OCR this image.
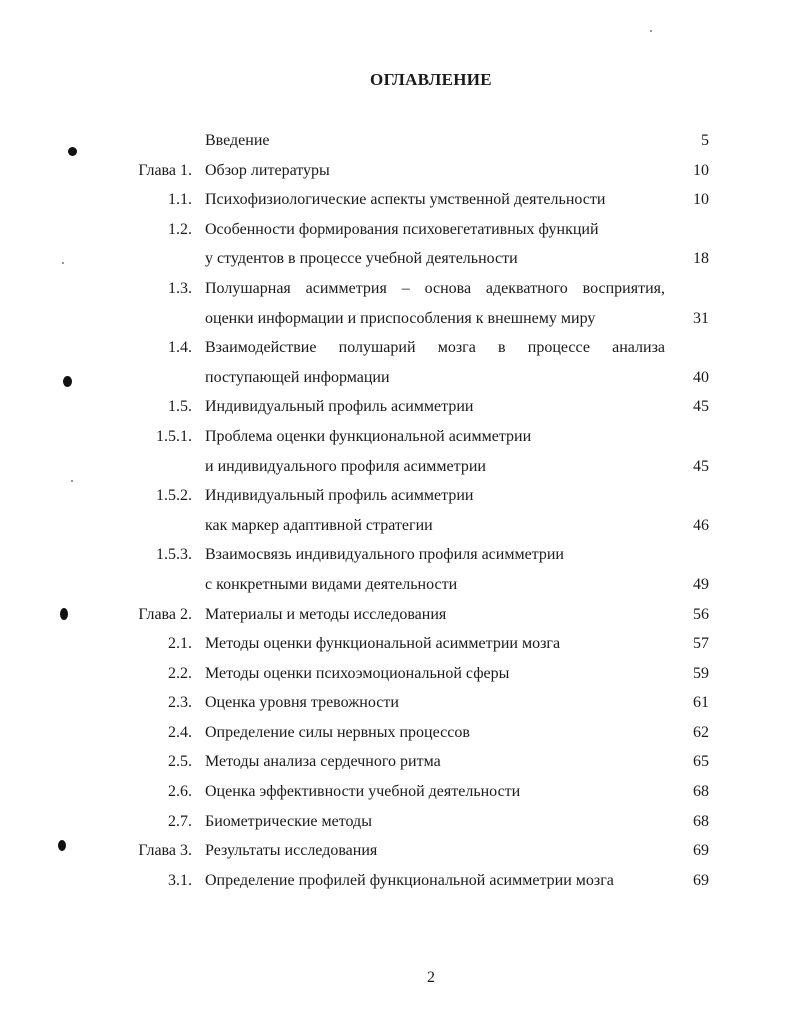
ОГЛАВЛЕНИЕ
Введение	5
Глава 1. Обзор литературы	10
1.1. Психофизиологические аспекты умственной деятельности	10
1.2. Особенности формирования психовегетативных функций
у студентов в процессе учебной деятельности	18
1.3. Полушарная асимметрия – основа адекватного восприятия,
оценки информации и приспособления к внешнему миру	31
1.4. Взаимодействие полушарий мозга в процессе анализа
поступающей информации	40
1.5. Индивидуальный профиль асимметрии	45
1.5.1. Проблема оценки функциональной асимметрии
и индивидуального профиля асимметрии	45
1.5.2. Индивидуальный профиль асимметрии
как маркер адаптивной стратегии	46
1.5.3. Взаимосвязь индивидуального профиля асимметрии
с конкретными видами деятельности	49
Глава 2. Материалы и методы исследования	56
2.1. Методы оценки функциональной асимметрии мозга	57
2.2. Методы оценки психоэмоциональной сферы	59
2.3. Оценка уровня тревожности	61
2.4. Определение силы нервных процессов	62
2.5. Методы анализа сердечного ритма	65
2.6. Оценка эффективности учебной деятельности	68
2.7. Биометрические методы	68
Глава 3. Результаты исследования	69
3.1. Определение профилей функциональной асимметрии мозга	69
2
